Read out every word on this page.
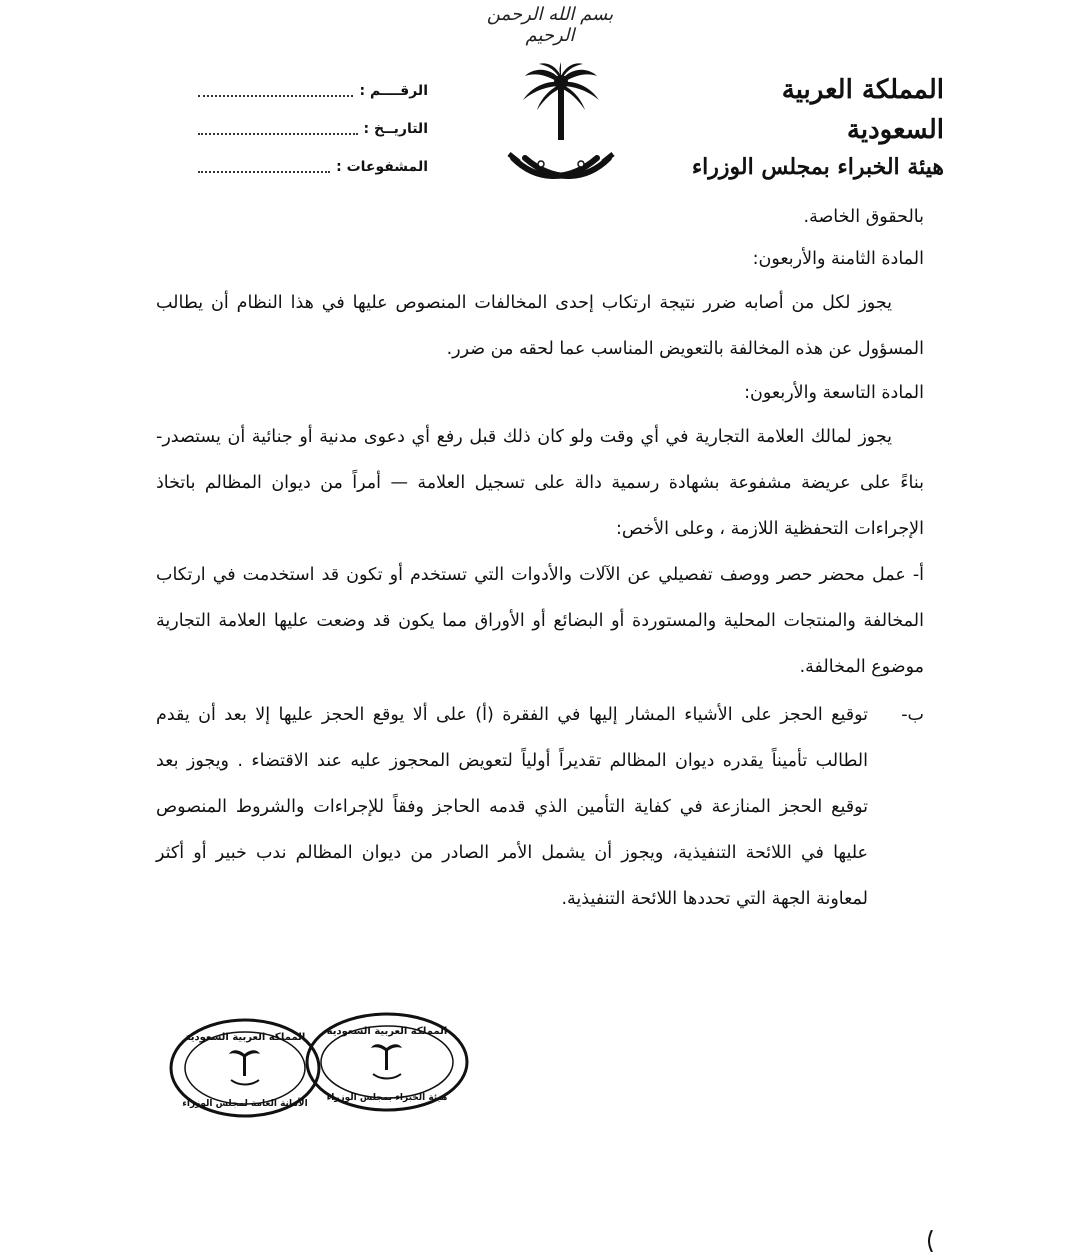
بسم الله الرحمن الرحيم
المملكة العربية السعودية
هيئة الخبراء بمجلس الوزراء
الرقــــم :
التاريــخ :
المشفوعات :

بالحقوق الخاصة.

المادة الثامنة والأربعون:

يجوز لكل من أصابه ضرر نتيجة ارتكاب إحدى المخالفات المنصوص عليها في هذا النظام أن يطالب المسؤول عن هذه المخالفة بالتعويض المناسب عما لحقه من ضرر.

المادة التاسعة والأربعون:

يجوز لمالك العلامة التجارية في أي وقت ولو كان ذلك قبل رفع أي دعوى مدنية أو جنائية أن يستصدر- بناءً على عريضة مشفوعة بشهادة رسمية دالة على تسجيل العلامة — أمراً من ديوان المظالم باتخاذ الإجراءات التحفظية اللازمة ، وعلى الأخص:

أ- عمل محضر حصر ووصف تفصيلي عن الآلات والأدوات التي تستخدم أو تكون قد استخدمت في ارتكاب المخالفة والمنتجات المحلية والمستوردة أو البضائع أو الأوراق مما يكون قد وضعت عليها العلامة التجارية موضوع المخالفة.

ب-توقيع الحجز على الأشياء المشار إليها في الفقرة (أ) على ألا يوقع الحجز عليها إلا بعد أن يقدم الطالب تأميناً يقدره ديوان المظالم تقديراً أولياً لتعويض المحجوز عليه عند الاقتضاء . ويجوز بعد توقيع الحجز المنازعة في كفاية التأمين الذي قدمه الحاجز وفقاً للإجراءات والشروط المنصوص عليها في اللائحة التنفيذية، ويجوز أن يشمل الأمر الصادر من ديوان المظالم ندب خبير أو أكثر لمعاونة الجهة التي تحددها اللائحة التنفيذية.

المملكة العربية السعودية
الأمانة العامة لمجلس الوزراء
المملكة العربية السعودية
هيئة الخبراء بمجلس الوزراء
